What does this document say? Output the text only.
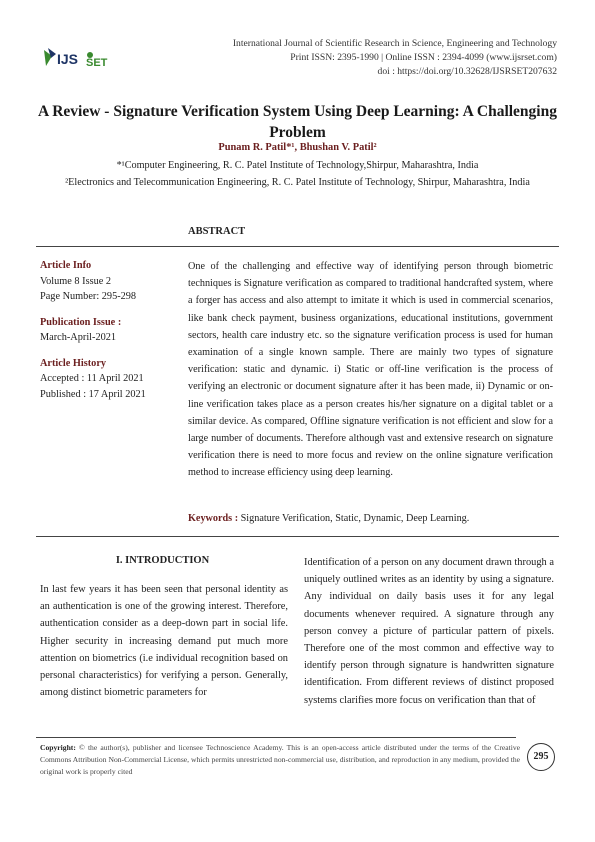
IJS SET
International Journal of Scientific Research in Science, Engineering and Technology
Print ISSN: 2395-1990 | Online ISSN : 2394-4099 (www.ijsrset.com)
doi : https://doi.org/10.32628/IJSRSET207632
A Review - Signature Verification System Using Deep Learning: A Challenging Problem
Punam R. Patil*¹, Bhushan V. Patil²
*¹Computer Engineering, R. C. Patel Institute of Technology,Shirpur, Maharashtra, India
²Electronics and Telecommunication Engineering, R. C. Patel Institute of Technology, Shirpur, Maharashtra, India
ABSTRACT
Article Info
Volume 8 Issue 2
Page Number: 295-298
Publication Issue :
March-April-2021
Article History
Accepted : 11 April 2021
Published : 17 April 2021
One of the challenging and effective way of identifying person through biometric techniques is Signature verification as compared to traditional handcrafted system, where a forger has access and also attempt to imitate it which is used in commercial scenarios, like bank check payment, business organizations, educational institutions, government sectors, health care industry etc. so the signature verification process is used for human examination of a single known sample. There are mainly two types of signature verification: static and dynamic. i) Static or off-line verification is the process of verifying an electronic or document signature after it has been made, ii) Dynamic or on-line verification takes place as a person creates his/her signature on a digital tablet or a similar device. As compared, Offline signature verification is not efficient and slow for a large number of documents. Therefore although vast and extensive research on signature verification there is need to more focus and review on the online signature verification method to increase efficiency using deep learning.
Keywords : Signature Verification, Static, Dynamic, Deep Learning.
I. INTRODUCTION
In last few years it has been seen that personal identity as an authentication is one of the growing interest. Therefore, authentication consider as a deep-down part in social life. Higher security in increasing demand put much more attention on biometrics (i.e individual recognition based on personal characteristics) for verifying a person. Generally, among distinct biometric parameters for
Identification of a person on any document drawn through a uniquely outlined writes as an identity by using a signature. Any individual on daily basis uses it for any legal documents whenever required. A signature through any person convey a picture of particular pattern of pixels. Therefore one of the most common and effective way to identify person through signature is handwritten signature identification. From different reviews of distinct proposed systems clarifies more focus on verification than that of
Copyright: © the author(s), publisher and licensee Technoscience Academy. This is an open-access article distributed under the terms of the Creative Commons Attribution Non-Commercial License, which permits unrestricted non-commercial use, distribution, and reproduction in any medium, provided the original work is properly cited
295
